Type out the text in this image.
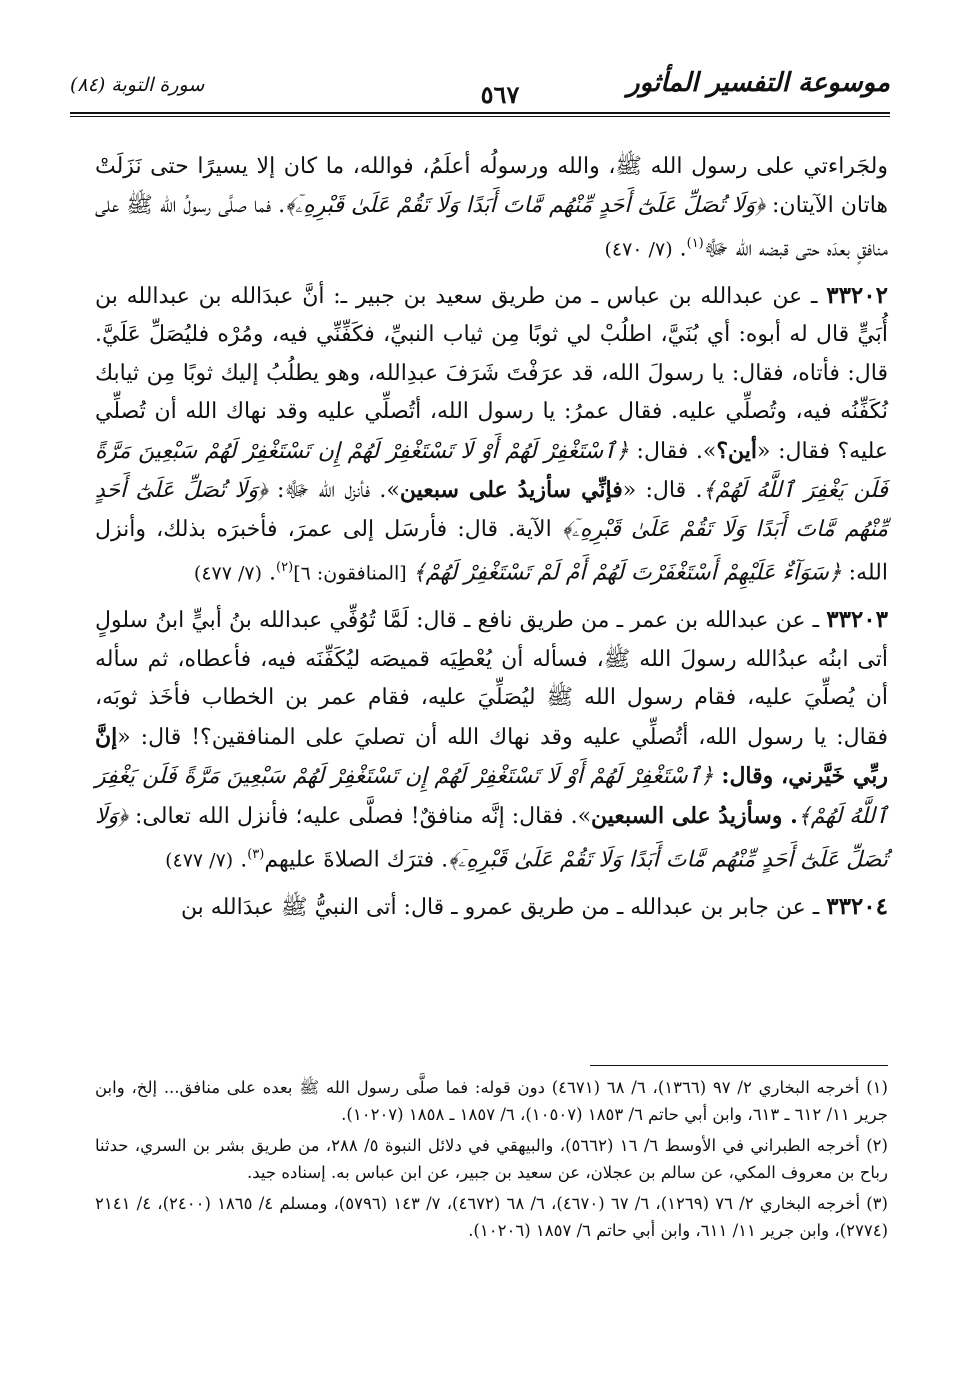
موسوعة التفسير المأثور
٥٦٧
سورة التوبة (٨٤)

ولجَراءتي على رسول الله ﷺ، والله ورسولُه أعلَمُ، فوالله، ما كان إلا يسيرًا حتى نَزَلَتْ هاتان الآيتان: ﴿وَلَا تُصَلِّ عَلَىٰٓ أَحَدٍ مِّنْهُم مَّاتَ أَبَدًا وَلَا تَقُمْ عَلَىٰ قَبْرِهِۦٓ﴾. فما صلَّى رسولُ الله ﷺ على منافقٍ بعدَه حتى قبضه الله ﷻ$^{(١)}$. (٧/ ٤٧٠)

٣٣٢٠٢ ـ عن عبدالله بن عباس ـ من طريق سعيد بن جبير ـ: أنَّ عبدَالله بن عبدالله بن أُبَيٍّ قال له أبوه: أي بُنَيَّ، اطلُبْ لي ثوبًا مِن ثياب النبيِّ، فكَفِّنِّي فيه، ومُرْه فليُصَلِّ عَلَيَّ. قال: فأتاه، فقال: يا رسولَ الله، قد عرَفْتَ شَرَفَ عبدِالله، وهو يطلُبُ إليك ثوبًا مِن ثيابك نُكَفِّنُه فيه، وتُصلِّي عليه. فقال عمرُ: يا رسول الله، أتُصلِّي عليه وقد نهاك الله أن تُصلِّي عليه؟ فقال: «أين؟». فقال: ﴿ٱسْتَغْفِرْ لَهُمْ أَوْ لَا تَسْتَغْفِرْ لَهُمْ إِن تَسْتَغْفِرْ لَهُمْ سَبْعِينَ مَرَّةً فَلَن يَغْفِرَ ٱللَّهُ لَهُمْ﴾. قال: «فإنِّي سأزيدُ على سبعين». فأنزل الله ﷻ: ﴿وَلَا تُصَلِّ عَلَىٰٓ أَحَدٍ مِّنْهُم مَّاتَ أَبَدًا وَلَا تَقُمْ عَلَىٰ قَبْرِهِۦٓ﴾ الآية. قال: فأرسَل إلى عمرَ، فأخبرَه بذلك، وأنزل الله: ﴿سَوَآءٌ عَلَيْهِمْ أَسْتَغْفَرْتَ لَهُمْ أَمْ لَمْ تَسْتَغْفِرْ لَهُمْ﴾ [المنافقون: ٦]$^{(٢)}$. (٧/ ٤٧٧)

٣٣٢٠٣ ـ عن عبدالله بن عمر ـ من طريق نافع ـ قال: لَمَّا تُوُفِّي عبدالله بنُ أبيٍّ ابنُ سلولٍ أتى ابنُه عبدُالله رسولَ الله ﷺ، فسأله أن يُعْطِيَه قميصَه ليُكَفِّنَه فيه، فأعطاه، ثم سأله أن يُصلِّيَ عليه، فقام رسول الله ﷺ ليُصَلِّيَ عليه، فقام عمر بن الخطاب فأخَذ ثوبَه، فقال: يا رسول الله، أتُصلِّي عليه وقد نهاك الله أن تصليَ على المنافقين؟! قال: «إنَّ ربِّي خَيَّرني، وقال: ﴿ٱسْتَغْفِرْ لَهُمْ أَوْ لَا تَسْتَغْفِرْ لَهُمْ إِن تَسْتَغْفِرْ لَهُمْ سَبْعِينَ مَرَّةً فَلَن يَغْفِرَ ٱللَّهُ لَهُمْ﴾. وسأزيدُ على السبعين». فقال: إنَّه منافقٌ! فصلَّى عليه؛ فأنزل الله تعالى: ﴿وَلَا تُصَلِّ عَلَىٰٓ أَحَدٍ مِّنْهُم مَّاتَ أَبَدًا وَلَا تَقُمْ عَلَىٰ قَبْرِهِۦٓ﴾. فترَك الصلاةَ عليهم$^{(٣)}$. (٧/ ٤٧٧)

٣٣٢٠٤ ـ عن جابر بن عبدالله ـ من طريق عمرو ـ قال: أتى النبيُّ ﷺ عبدَالله بن

(١) أخرجه البخاري ٢/ ٩٧ (١٣٦٦)، ٦/ ٦٨ (٤٦٧١) دون قوله: فما صلَّى رسول الله ﷺ بعده على منافق... إلخ، وابن جرير ١١/ ٦١٢ ـ ٦١٣، وابن أبي حاتم ٦/ ١٨٥٣ (١٠٥٠٧)، ٦/ ١٨٥٧ ـ ١٨٥٨ (١٠٢٠٧).

(٢) أخرجه الطبراني في الأوسط ٦/ ١٦ (٥٦٦٢)، والبيهقي في دلائل النبوة ٥/ ٢٨٨، من طريق بشر بن السري، حدثنا رباح بن معروف المكي، عن سالم بن عجلان، عن سعيد بن جبير، عن ابن عباس به. إسناده جيد.

(٣) أخرجه البخاري ٢/ ٧٦ (١٢٦٩)، ٦/ ٦٧ (٤٦٧٠)، ٦/ ٦٨ (٤٦٧٢)، ٧/ ١٤٣ (٥٧٩٦)، ومسلم ٤/ ١٨٦٥ (٢٤٠٠)، ٤/ ٢١٤١ (٢٧٧٤)، وابن جرير ١١/ ٦١١، وابن أبي حاتم ٦/ ١٨٥٧ (١٠٢٠٦).
